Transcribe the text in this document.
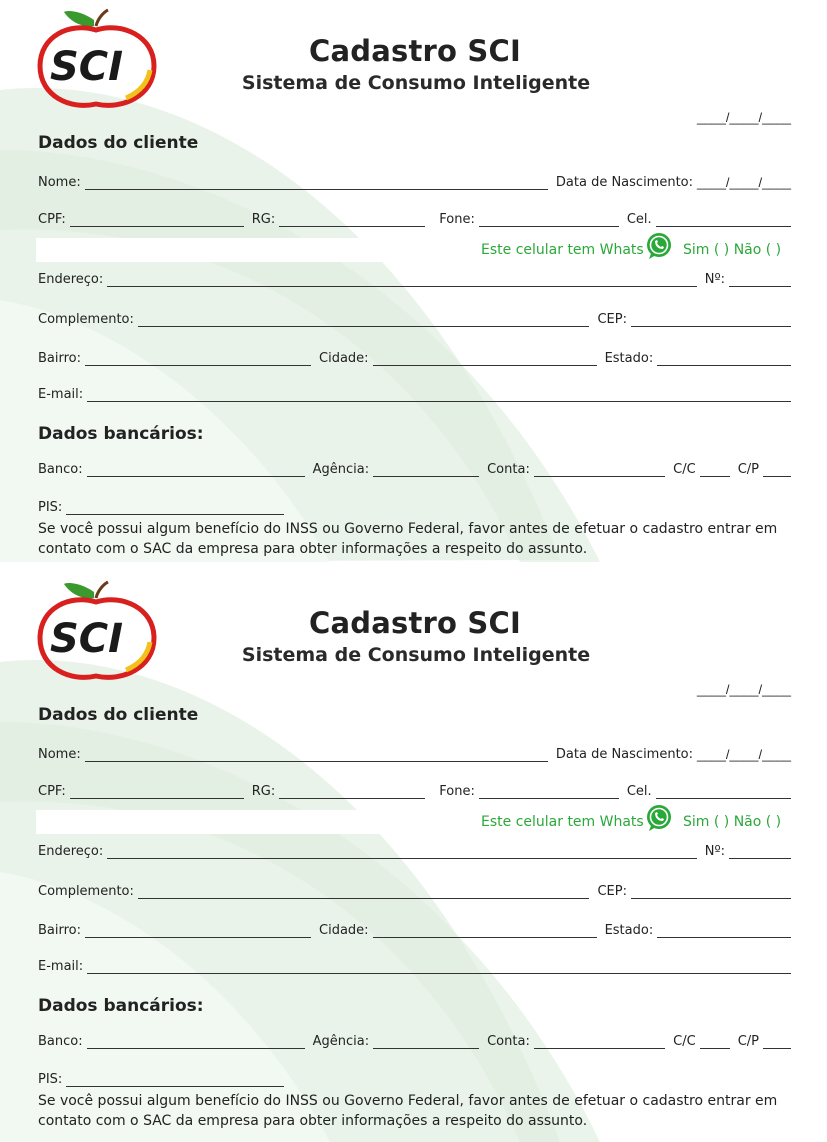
SCI	Cadastro SCI
Sistema de Consumo Inteligente
____/____/____
Dados do cliente
Nome:	Data de Nascimento: ____/____/____
CPF:	RG:	Fone:	Cel.
Este celular tem Whats	Sim ( ) Não ( )
Endereço:	Nº:
Complemento:	CEP:
Bairro:	Cidade:	Estado:
E-mail:
Dados bancários:
Banco:	Agência:	Conta:	C/C	C/P
PIS:
Se você possui algum benefício do INSS ou Governo Federal, favor antes de efetuar o cadastro entrar em contato com o SAC da empresa para obter informações a respeito do assunto.
SCI	Cadastro SCI
Sistema de Consumo Inteligente
____/____/____
Dados do cliente
Nome:	Data de Nascimento: ____/____/____
CPF:	RG:	Fone:	Cel.
Este celular tem Whats	Sim ( ) Não ( )
Endereço:	Nº:
Complemento:	CEP:
Bairro:	Cidade:	Estado:
E-mail:
Dados bancários:
Banco:	Agência:	Conta:	C/C	C/P
PIS:
Se você possui algum benefício do INSS ou Governo Federal, favor antes de efetuar o cadastro entrar em contato com o SAC da empresa para obter informações a respeito do assunto.
